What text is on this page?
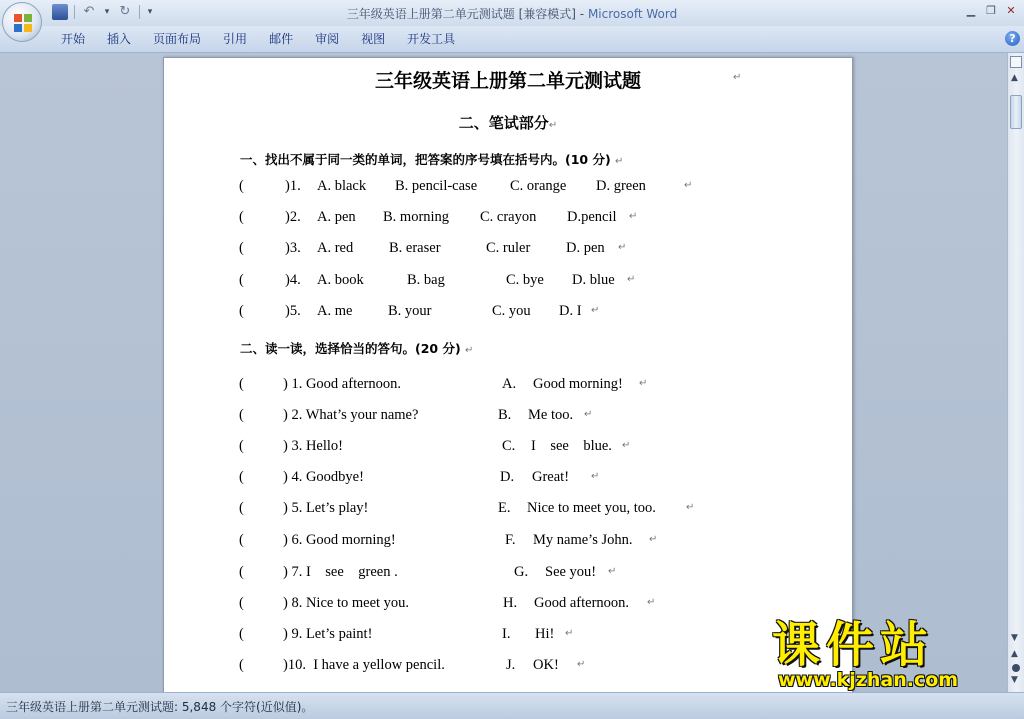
三年级英语上册第二单元测试题 [兼容模式] - Microsoft Word
↶ ▾ ↻ ▾	▁ ❐ ✕
开始	插入	页面布局	引用	邮件	审阅	视图	开发工具	?
三年级英语上册第二单元测试题	↵
二、笔试部分↵
一、找出不属于同一类的单词，把答案的序号填在括号内。(10 分) ↵
(	)1. A. black B. pencil-case C. orange D. green	↵
(	)2. A. pen B. morning C. crayon D.pencil ↵
(	)3. A. red B. eraser	C. ruler D. pen ↵
(	)4. A. book	B. bag	C. bye D. blue ↵
(	)5. A. me B. your	C. you D. I ↵
二、读一读，选择恰当的答句。(20 分) ↵
(	) 1. Good afternoon.	A. Good morning! ↵
(	) 2. What’s your name?	B. Me too. ↵
(	) 3. Hello!	C. I    see    blue. ↵
(	) 4. Goodbye!	D. Great! ↵
(	) 5. Let’s play!	E. Nice to meet you, too.	↵
(	) 6. Good morning!	F. My name’s John. ↵
(	) 7. I    see    green .	G. See you! ↵
(	) 8. Nice to meet you.	H. Good afternoon. ↵
(	) 9. Let’s paint!	I. Hi! ↵
(	)10.  I have a yellow pencil.	J. OK! ↵
▲
▼
▲
▼
三年级英语上册第二单元测试题: 5,848 个字符(近似值)。
课件站
www.kjzhan.com
